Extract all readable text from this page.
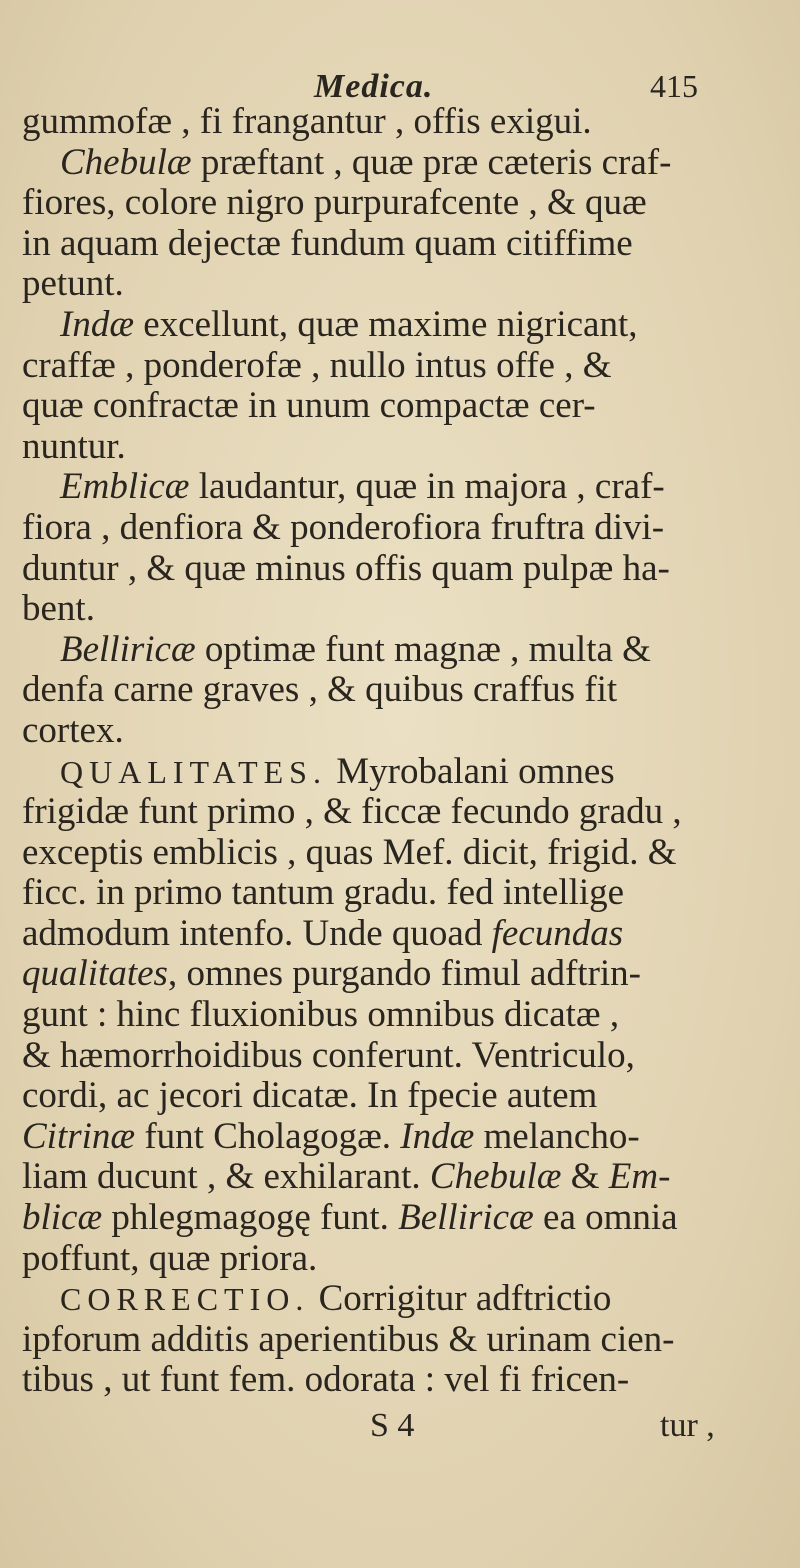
Medica.	415
gummofæ , fi frangantur , offis exigui.
Chebulæ præftant , quæ præ cæteris craf-
fiores, colore nigro purpurafcente , & quæ
in aquam dejectæ fundum quam citiffime
petunt.
Indæ excellunt, quæ maxime nigricant,
craffæ , ponderofæ , nullo intus offe , &
quæ confractæ in unum compactæ cer-
nuntur.
Emblicæ laudantur, quæ in majora , craf-
fiora , denfiora & ponderofiora fruftra divi-
duntur , & quæ minus offis quam pulpæ ha-
bent.
Belliricæ optimæ funt magnæ , multa &
denfa carne graves , & quibus craffus fit
cortex.
QUALITATES. Myrobalani omnes
frigidæ funt primo , & ficcæ fecundo gradu ,
exceptis emblicis , quas Mef. dicit, frigid. &
ficc. in primo tantum gradu. fed intellige
admodum intenfo. Unde quoad fecundas
qualitates, omnes purgando fimul adftrin-
gunt : hinc fluxionibus omnibus dicatæ ,
& hæmorrhoidibus conferunt. Ventriculo,
cordi, ac jecori dicatæ. In fpecie autem
Citrinæ funt Cholagogæ. Indæ melancho-
liam ducunt , & exhilarant. Chebulæ & Em-
blicæ phlegmagogę funt. Belliricæ ea omnia
poffunt, quæ priora.
CORRECTIO. Corrigitur adftrictio
ipforum additis aperientibus & urinam cien-
tibus , ut funt fem. odorata : vel fi fricen-
S 4	tur ,
